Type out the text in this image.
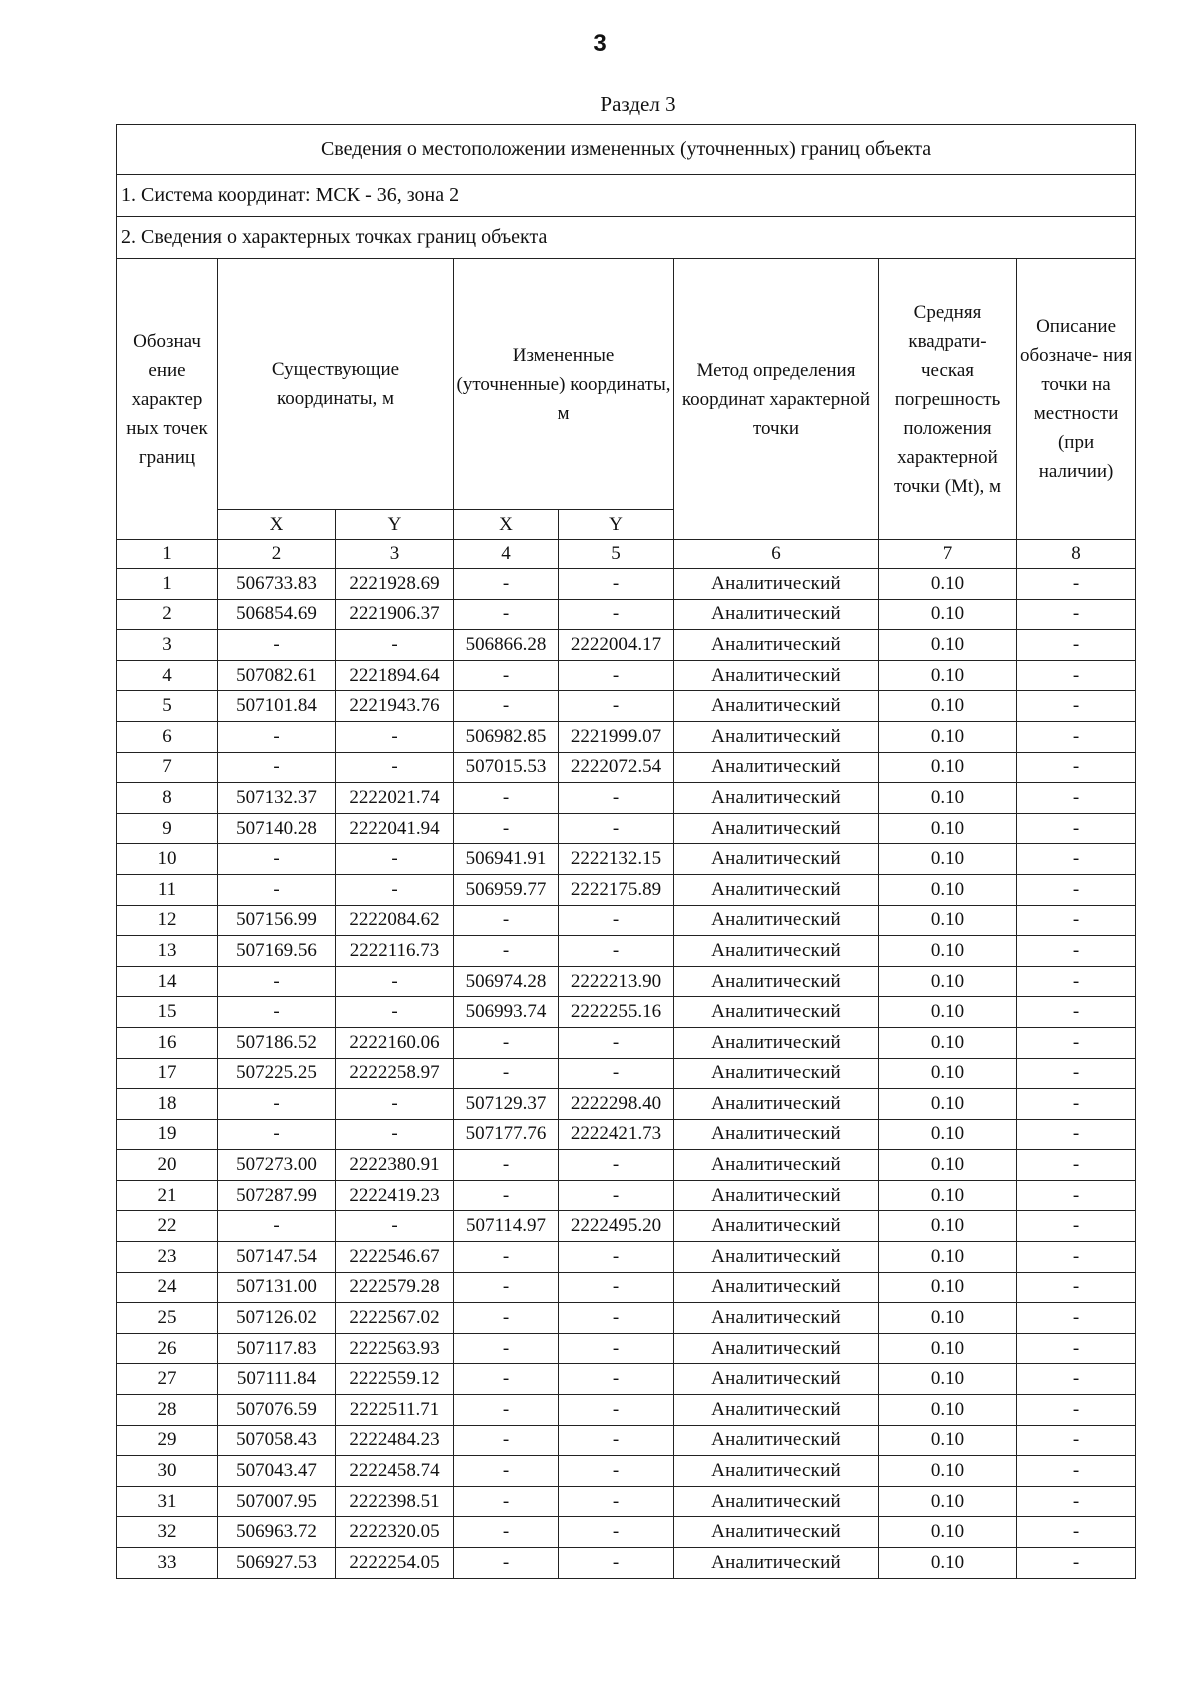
3
Раздел 3
Сведения о местоположении измененных (уточненных) границ объекта							
1. Система координат: МСК - 36, зона 2							
2. Сведения о характерных точках границ объекта							
Обознач ение характер ных точек границ	Существующие координаты, м		Измененные (уточненные) координаты, м		Метод определения координат характерной точки	Средняя квадрати- ческая погрешность положения характерной точки (Mt), м	Описание обозначе- ния точки на местности (при наличии)
	X	Y	X	Y			
1	2	3	4	5	6	7	8
1	506733.83	2221928.69	-	-	Аналитический	0.10	-
2	506854.69	2221906.37	-	-	Аналитический	0.10	-
3	-	-	506866.28	2222004.17	Аналитический	0.10	-
4	507082.61	2221894.64	-	-	Аналитический	0.10	-
5	507101.84	2221943.76	-	-	Аналитический	0.10	-
6	-	-	506982.85	2221999.07	Аналитический	0.10	-
7	-	-	507015.53	2222072.54	Аналитический	0.10	-
8	507132.37	2222021.74	-	-	Аналитический	0.10	-
9	507140.28	2222041.94	-	-	Аналитический	0.10	-
10	-	-	506941.91	2222132.15	Аналитический	0.10	-
11	-	-	506959.77	2222175.89	Аналитический	0.10	-
12	507156.99	2222084.62	-	-	Аналитический	0.10	-
13	507169.56	2222116.73	-	-	Аналитический	0.10	-
14	-	-	506974.28	2222213.90	Аналитический	0.10	-
15	-	-	506993.74	2222255.16	Аналитический	0.10	-
16	507186.52	2222160.06	-	-	Аналитический	0.10	-
17	507225.25	2222258.97	-	-	Аналитический	0.10	-
18	-	-	507129.37	2222298.40	Аналитический	0.10	-
19	-	-	507177.76	2222421.73	Аналитический	0.10	-
20	507273.00	2222380.91	-	-	Аналитический	0.10	-
21	507287.99	2222419.23	-	-	Аналитический	0.10	-
22	-	-	507114.97	2222495.20	Аналитический	0.10	-
23	507147.54	2222546.67	-	-	Аналитический	0.10	-
24	507131.00	2222579.28	-	-	Аналитический	0.10	-
25	507126.02	2222567.02	-	-	Аналитический	0.10	-
26	507117.83	2222563.93	-	-	Аналитический	0.10	-
27	507111.84	2222559.12	-	-	Аналитический	0.10	-
28	507076.59	2222511.71	-	-	Аналитический	0.10	-
29	507058.43	2222484.23	-	-	Аналитический	0.10	-
30	507043.47	2222458.74	-	-	Аналитический	0.10	-
31	507007.95	2222398.51	-	-	Аналитический	0.10	-
32	506963.72	2222320.05	-	-	Аналитический	0.10	-
33	506927.53	2222254.05	-	-	Аналитический	0.10	-
